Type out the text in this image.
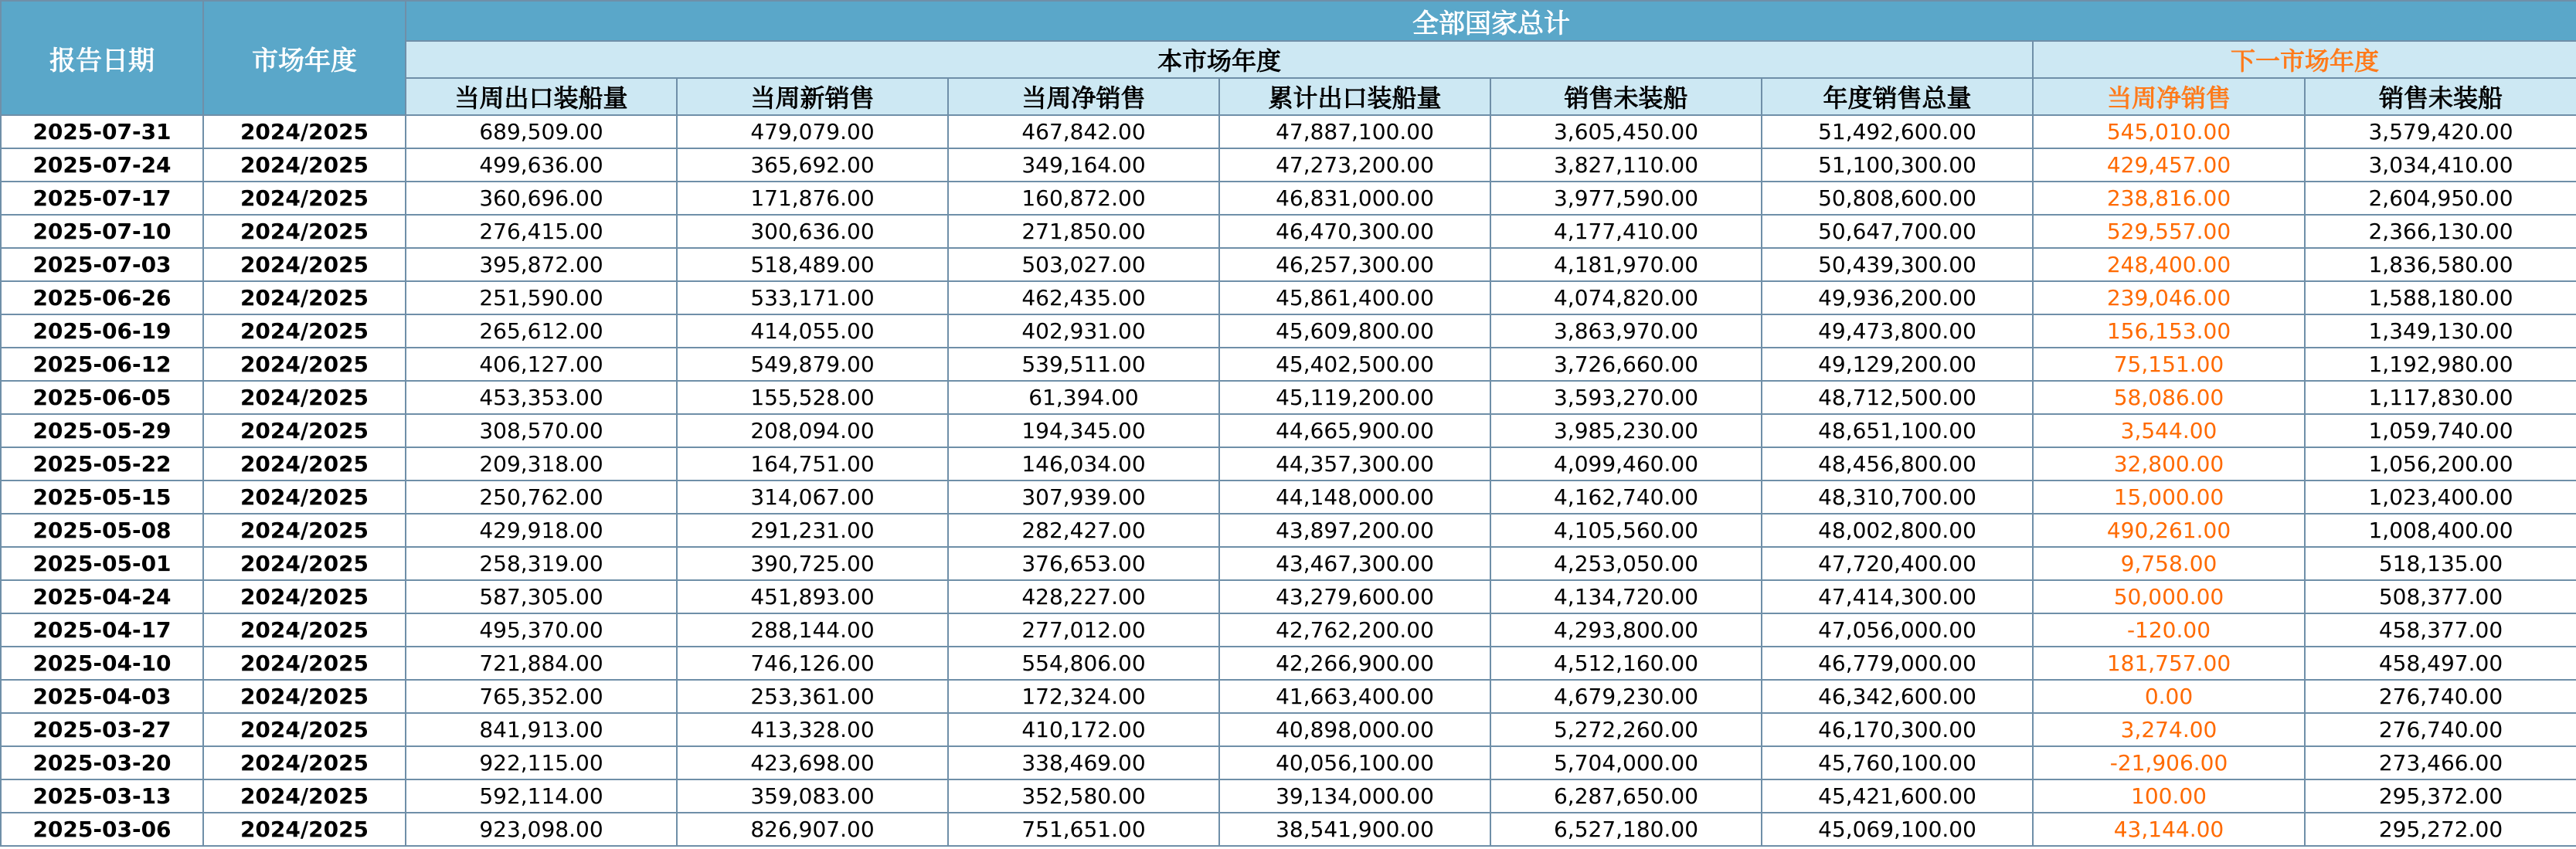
报告日期	市场年度	全部国家总计							
		本市场年度						下一市场年度	
		当周出口装船量	当周新销售	当周净销售	累计出口装船量	销售未装船	年度销售总量	当周净销售	销售未装船
2025-07-31	2024/2025	689,509.00	479,079.00	467,842.00	47,887,100.00	3,605,450.00	51,492,600.00	545,010.00	3,579,420.00
2025-07-24	2024/2025	499,636.00	365,692.00	349,164.00	47,273,200.00	3,827,110.00	51,100,300.00	429,457.00	3,034,410.00
2025-07-17	2024/2025	360,696.00	171,876.00	160,872.00	46,831,000.00	3,977,590.00	50,808,600.00	238,816.00	2,604,950.00
2025-07-10	2024/2025	276,415.00	300,636.00	271,850.00	46,470,300.00	4,177,410.00	50,647,700.00	529,557.00	2,366,130.00
2025-07-03	2024/2025	395,872.00	518,489.00	503,027.00	46,257,300.00	4,181,970.00	50,439,300.00	248,400.00	1,836,580.00
2025-06-26	2024/2025	251,590.00	533,171.00	462,435.00	45,861,400.00	4,074,820.00	49,936,200.00	239,046.00	1,588,180.00
2025-06-19	2024/2025	265,612.00	414,055.00	402,931.00	45,609,800.00	3,863,970.00	49,473,800.00	156,153.00	1,349,130.00
2025-06-12	2024/2025	406,127.00	549,879.00	539,511.00	45,402,500.00	3,726,660.00	49,129,200.00	75,151.00	1,192,980.00
2025-06-05	2024/2025	453,353.00	155,528.00	61,394.00	45,119,200.00	3,593,270.00	48,712,500.00	58,086.00	1,117,830.00
2025-05-29	2024/2025	308,570.00	208,094.00	194,345.00	44,665,900.00	3,985,230.00	48,651,100.00	3,544.00	1,059,740.00
2025-05-22	2024/2025	209,318.00	164,751.00	146,034.00	44,357,300.00	4,099,460.00	48,456,800.00	32,800.00	1,056,200.00
2025-05-15	2024/2025	250,762.00	314,067.00	307,939.00	44,148,000.00	4,162,740.00	48,310,700.00	15,000.00	1,023,400.00
2025-05-08	2024/2025	429,918.00	291,231.00	282,427.00	43,897,200.00	4,105,560.00	48,002,800.00	490,261.00	1,008,400.00
2025-05-01	2024/2025	258,319.00	390,725.00	376,653.00	43,467,300.00	4,253,050.00	47,720,400.00	9,758.00	518,135.00
2025-04-24	2024/2025	587,305.00	451,893.00	428,227.00	43,279,600.00	4,134,720.00	47,414,300.00	50,000.00	508,377.00
2025-04-17	2024/2025	495,370.00	288,144.00	277,012.00	42,762,200.00	4,293,800.00	47,056,000.00	-120.00	458,377.00
2025-04-10	2024/2025	721,884.00	746,126.00	554,806.00	42,266,900.00	4,512,160.00	46,779,000.00	181,757.00	458,497.00
2025-04-03	2024/2025	765,352.00	253,361.00	172,324.00	41,663,400.00	4,679,230.00	46,342,600.00	0.00	276,740.00
2025-03-27	2024/2025	841,913.00	413,328.00	410,172.00	40,898,000.00	5,272,260.00	46,170,300.00	3,274.00	276,740.00
2025-03-20	2024/2025	922,115.00	423,698.00	338,469.00	40,056,100.00	5,704,000.00	45,760,100.00	-21,906.00	273,466.00
2025-03-13	2024/2025	592,114.00	359,083.00	352,580.00	39,134,000.00	6,287,650.00	45,421,600.00	100.00	295,372.00
2025-03-06	2024/2025	923,098.00	826,907.00	751,651.00	38,541,900.00	6,527,180.00	45,069,100.00	43,144.00	295,272.00
